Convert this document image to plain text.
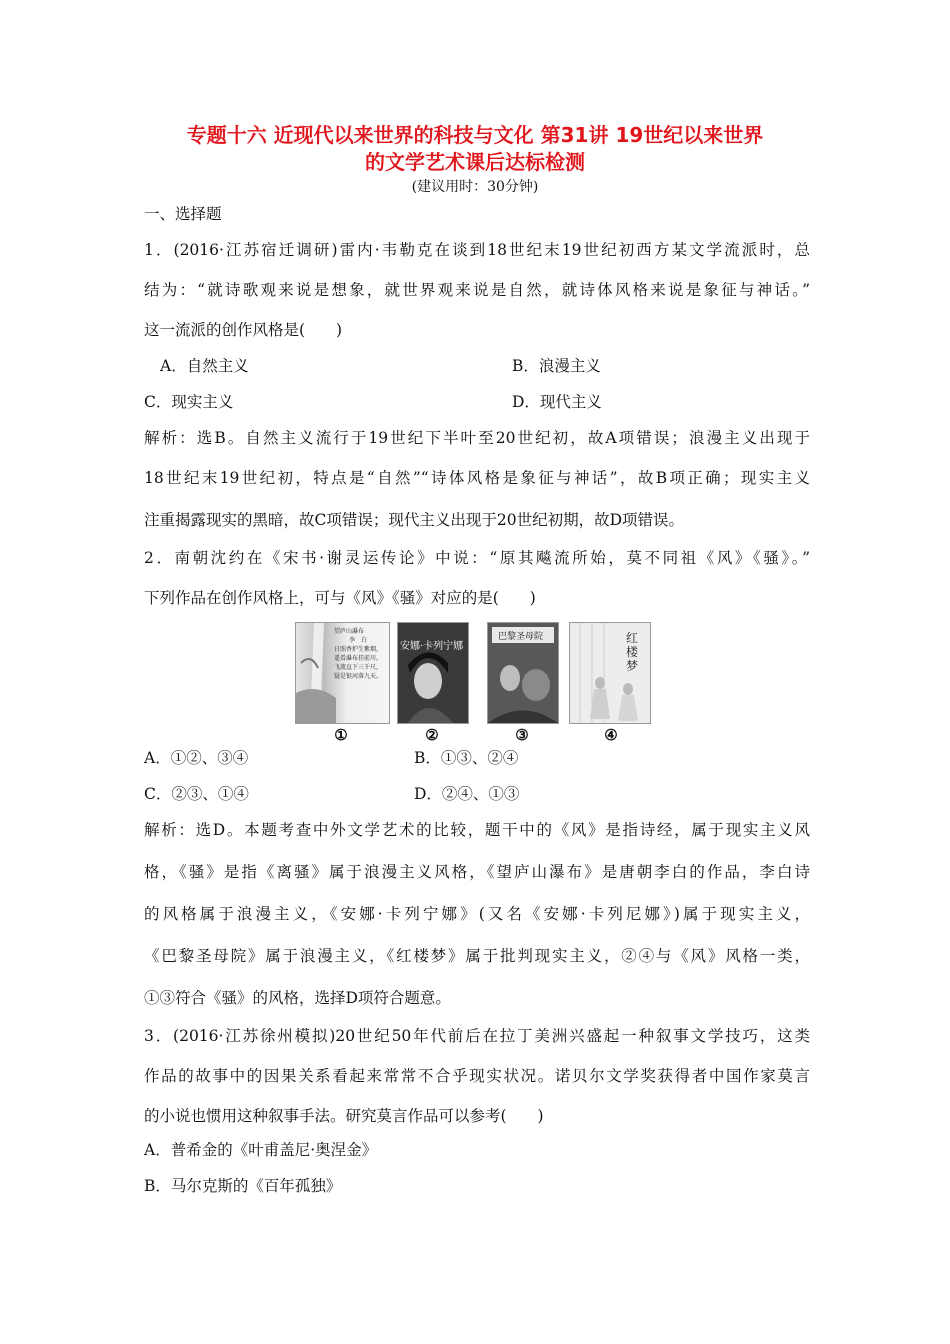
专题十六 近现代以来世界的科技与文化 第31讲 19世纪以来世界
的文学艺术课后达标检测
(建议用时：30分钟)
一、选择题
1．(2016·江苏宿迁调研)雷内·韦勒克在谈到18世纪末19世纪初西方某文学流派时，总
结为：“就诗歌观来说是想象，就世界观来说是自然，就诗体风格来说是象征与神话。”
这一流派的创作风格是(　　)
A．自然主义	B．浪漫主义
C．现实主义	D．现代主义
解析：选B。自然主义流行于19世纪下半叶至20世纪初，故A项错误；浪漫主义出现于
18世纪末19世纪初，特点是“自然”“诗体风格是象征与神话”，故B项正确；现实主义
注重揭露现实的黑暗，故C项错误；现代主义出现于20世纪初期，故D项错误。
2．南朝沈约在《宋书·谢灵运传论》中说：“原其飚流所始，莫不同祖《风》《骚》。”
下列作品在创作风格上，可与《风》《骚》对应的是(　　)
望庐山瀑布
李　白
日照香炉生紫烟，
遥看瀑布挂前川。
飞流直下三千尺，
疑是银河落九天。
安娜·卡列宁娜
巴黎圣母院	红楼梦
①	②	③	④
A．①②、③④	B．①③、②④
C．②③、①④	D．②④、①③
解析：选D。本题考查中外文学艺术的比较，题干中的《风》是指诗经，属于现实主义风
格，《骚》是指《离骚》属于浪漫主义风格，《望庐山瀑布》是唐朝李白的作品，李白诗
的风格属于浪漫主义，《安娜·卡列宁娜》(又名《安娜·卡列尼娜》)属于现实主义，
《巴黎圣母院》属于浪漫主义，《红楼梦》属于批判现实主义，②④与《风》风格一类，
①③符合《骚》的风格，选择D项符合题意。
3．(2016·江苏徐州模拟)20世纪50年代前后在拉丁美洲兴盛起一种叙事文学技巧，这类
作品的故事中的因果关系看起来常常不合乎现实状况。诺贝尔文学奖获得者中国作家莫言
的小说也惯用这种叙事手法。研究莫言作品可以参考(　　)
A．普希金的《叶甫盖尼·奥涅金》
B．马尔克斯的《百年孤独》
